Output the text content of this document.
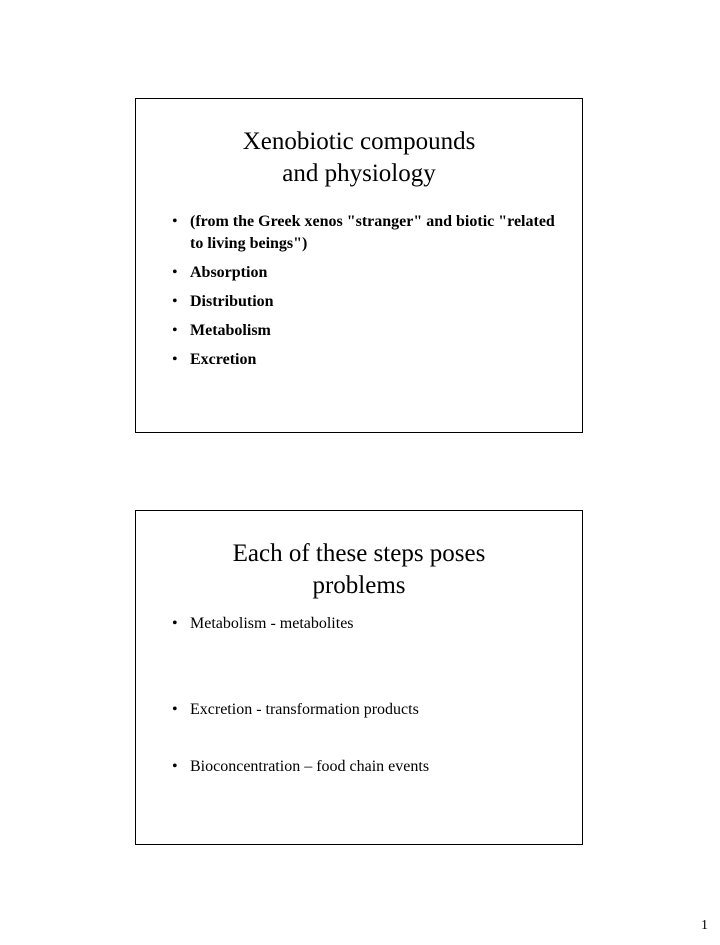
Xenobiotic compounds
and physiology
• (from the Greek xenos "stranger" and biotic "related to living beings")
• Absorption
• Distribution
• Metabolism
• Excretion
Each of these steps poses
problems
• Metabolism - metabolites
• Excretion - transformation products
• Bioconcentration – food chain events
1
